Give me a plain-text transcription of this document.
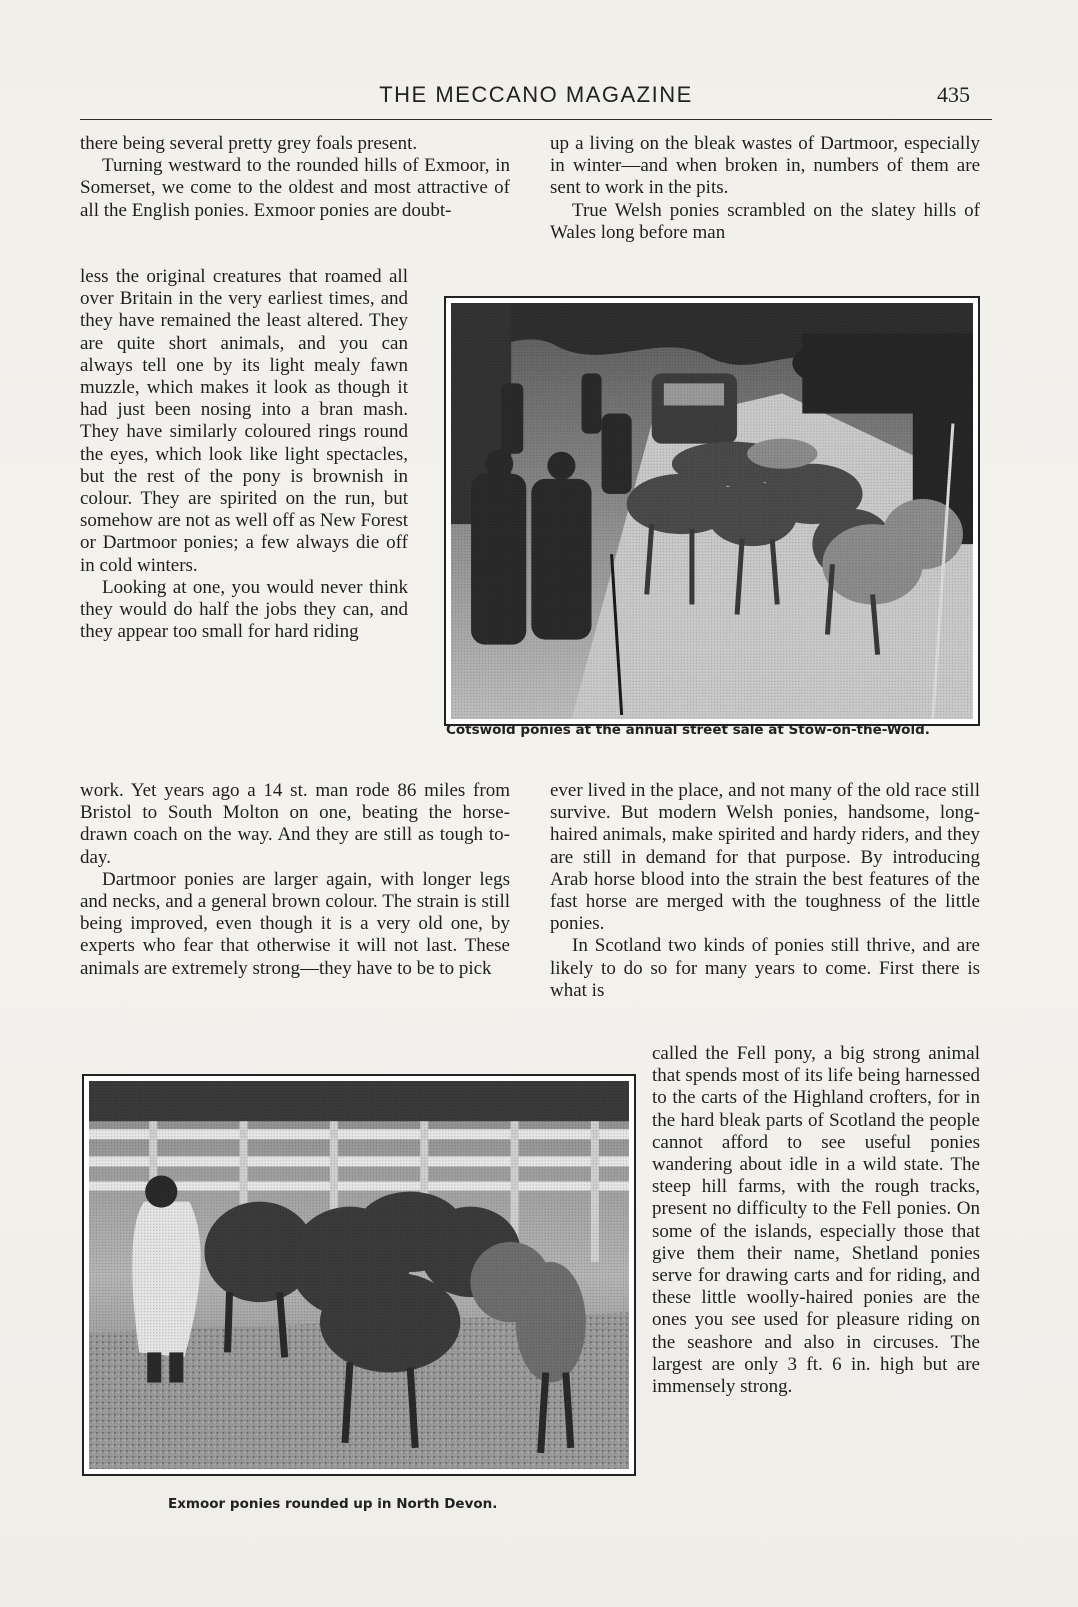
THE MECCANO MAGAZINE	435

there being several pretty grey foals present.

Turning westward to the rounded hills of Exmoor, in Somerset, we come to the oldest and most attractive of all the English ponies. Exmoor ponies are doubt-

less the original creatures that roamed all over Britain in the very earliest times, and they have remained the least altered. They are quite short animals, and you can always tell one by its light mealy fawn muzzle, which makes it look as though it had just been nosing into a bran mash. They have similarly coloured rings round the eyes, which look like light spectacles, but the rest of the pony is brownish in colour. They are spirited on the run, but somehow are not as well off as New Forest or Dartmoor ponies; a few always die off in cold winters.

Looking at one, you would never think they would do half the jobs they can, and they appear too small for hard riding

work. Yet years ago a 14 st. man rode 86 miles from Bristol to South Molton on one, beating the horse-drawn coach on the way. And they are still as tough to-day.

Dartmoor ponies are larger again, with longer legs and necks, and a general brown colour. The strain is still being improved, even though it is a very old one, by experts who fear that otherwise it will not last. These animals are extremely strong—they have to be to pick

up a living on the bleak wastes of Dartmoor, especially in winter—and when broken in, numbers of them are sent to work in the pits.

True Welsh ponies scrambled on the slatey hills of Wales long before man

ever lived in the place, and not many of the old race still survive. But modern Welsh ponies, handsome, long-haired animals, make spirited and hardy riders, and they are still in demand for that purpose. By introducing Arab horse blood into the strain the best features of the fast horse are merged with the toughness of the little ponies.

In Scotland two kinds of ponies still thrive, and are likely to do so for many years to come. First there is what is

called the Fell pony, a big strong animal that spends most of its life being harnessed to the carts of the Highland crofters, for in the hard bleak parts of Scotland the people cannot afford to see useful ponies wandering about idle in a wild state. The steep hill farms, with the rough tracks, present no difficulty to the Fell ponies. On some of the islands, especially those that give them their name, Shetland ponies serve for drawing carts and for riding, and these little woolly-haired ponies are the ones you see used for pleasure riding on the seashore and also in circuses. The largest are only 3 ft. 6 in. high but are immensely strong.

Cotswold ponies at the annual street sale at Stow-on-the-Wold.
Exmoor ponies rounded up in North Devon.
